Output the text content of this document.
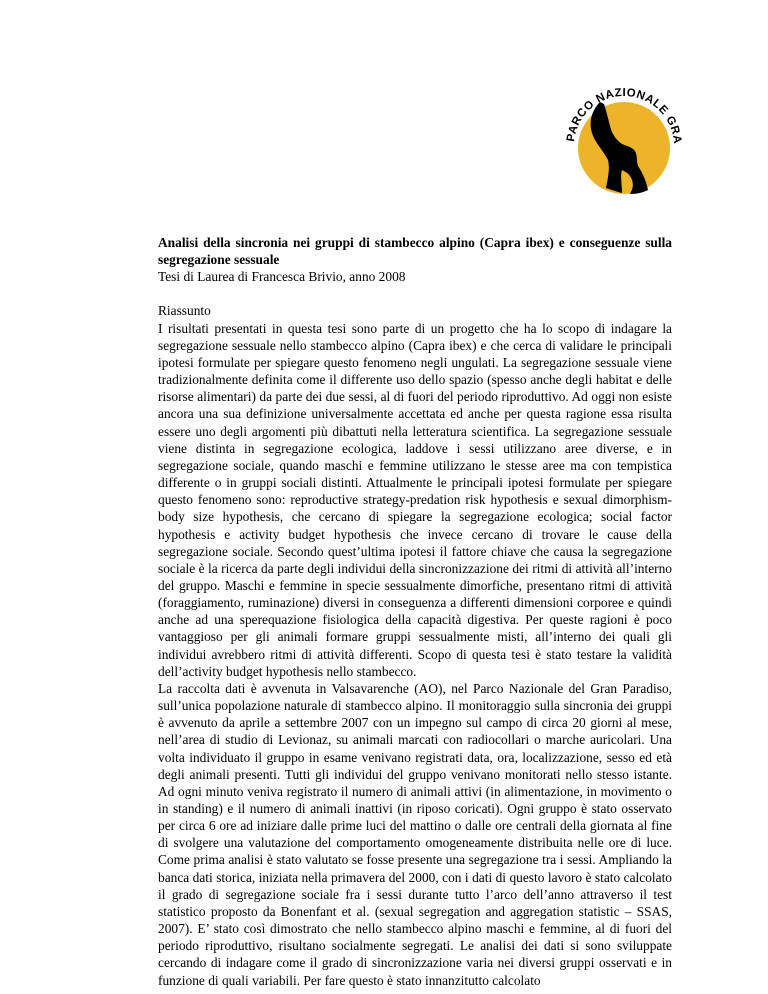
PARCO NAZIONALE GRA

Analisi della sincronia nei gruppi di stambecco alpino (Capra ibex) e conseguenze sulla segregazione sessuale

Tesi di Laurea di Francesca Brivio, anno 2008

Riassunto

I risultati presentati in questa tesi sono parte di un progetto che ha lo scopo di indagare la segregazione sessuale nello stambecco alpino (Capra ibex) e che cerca di validare le principali ipotesi formulate per spiegare questo fenomeno negli ungulati. La segregazione sessuale viene tradizionalmente definita come il differente uso dello spazio (spesso anche degli habitat e delle risorse alimentari) da parte dei due sessi, al di fuori del periodo riproduttivo. Ad oggi non esiste ancora una sua definizione universalmente accettata ed anche per questa ragione essa risulta essere uno degli argomenti più dibattuti nella letteratura scientifica. La segregazione sessuale viene distinta in segregazione ecologica, laddove i sessi utilizzano aree diverse, e in segregazione sociale, quando maschi e femmine utilizzano le stesse aree ma con tempistica differente o in gruppi sociali distinti. Attualmente le principali ipotesi formulate per spiegare questo fenomeno sono: reproductive strategy-predation risk hypothesis e sexual dimorphism-body size hypothesis, che cercano di spiegare la segregazione ecologica; social factor hypothesis e activity budget hypothesis che invece cercano di trovare le cause della segregazione sociale. Secondo quest’ultima ipotesi il fattore chiave che causa la segregazione sociale è la ricerca da parte degli individui della sincronizzazione dei ritmi di attività all’interno del gruppo. Maschi e femmine in specie sessualmente dimorfiche, presentano ritmi di attività (foraggiamento, ruminazione) diversi in conseguenza a differenti dimensioni corporee e quindi anche ad una sperequazione fisiologica della capacità digestiva. Per queste ragioni è poco vantaggioso per gli animali formare gruppi sessualmente misti, all’interno dei quali gli individui avrebbero ritmi di attività differenti. Scopo di questa tesi è stato testare la validità dell’activity budget hypothesis nello stambecco.

La raccolta dati è avvenuta in Valsavarenche (AO), nel Parco Nazionale del Gran Paradiso, sull’unica popolazione naturale di stambecco alpino. Il monitoraggio sulla sincronia dei gruppi è avvenuto da aprile a settembre 2007 con un impegno sul campo di circa 20 giorni al mese, nell’area di studio di Levionaz, su animali marcati con radiocollari o marche auricolari. Una volta individuato il gruppo in esame venivano registrati data, ora, localizzazione, sesso ed età degli animali presenti. Tutti gli individui del gruppo venivano monitorati nello stesso istante. Ad ogni minuto veniva registrato il numero di animali attivi (in alimentazione, in movimento o in standing) e il numero di animali inattivi (in riposo coricati). Ogni gruppo è stato osservato per circa 6 ore ad iniziare dalle prime luci del mattino o dalle ore centrali della giornata al fine di svolgere una valutazione del comportamento omogeneamente distribuita nelle ore di luce. Come prima analisi è stato valutato se fosse presente una segregazione tra i sessi. Ampliando la banca dati storica, iniziata nella primavera del 2000, con i dati di questo lavoro è stato calcolato il grado di segregazione sociale fra i sessi durante tutto l’arco dell’anno attraverso il test statistico proposto da Bonenfant et al. (sexual segregation and aggregation statistic – SSAS, 2007). E’ stato così dimostrato che nello stambecco alpino maschi e femmine, al di fuori del periodo riproduttivo, risultano socialmente segregati. Le analisi dei dati si sono sviluppate cercando di indagare come il grado di sincronizzazione varia nei diversi gruppi osservati e in funzione di quali variabili. Per fare questo è stato innanzitutto calcolato
